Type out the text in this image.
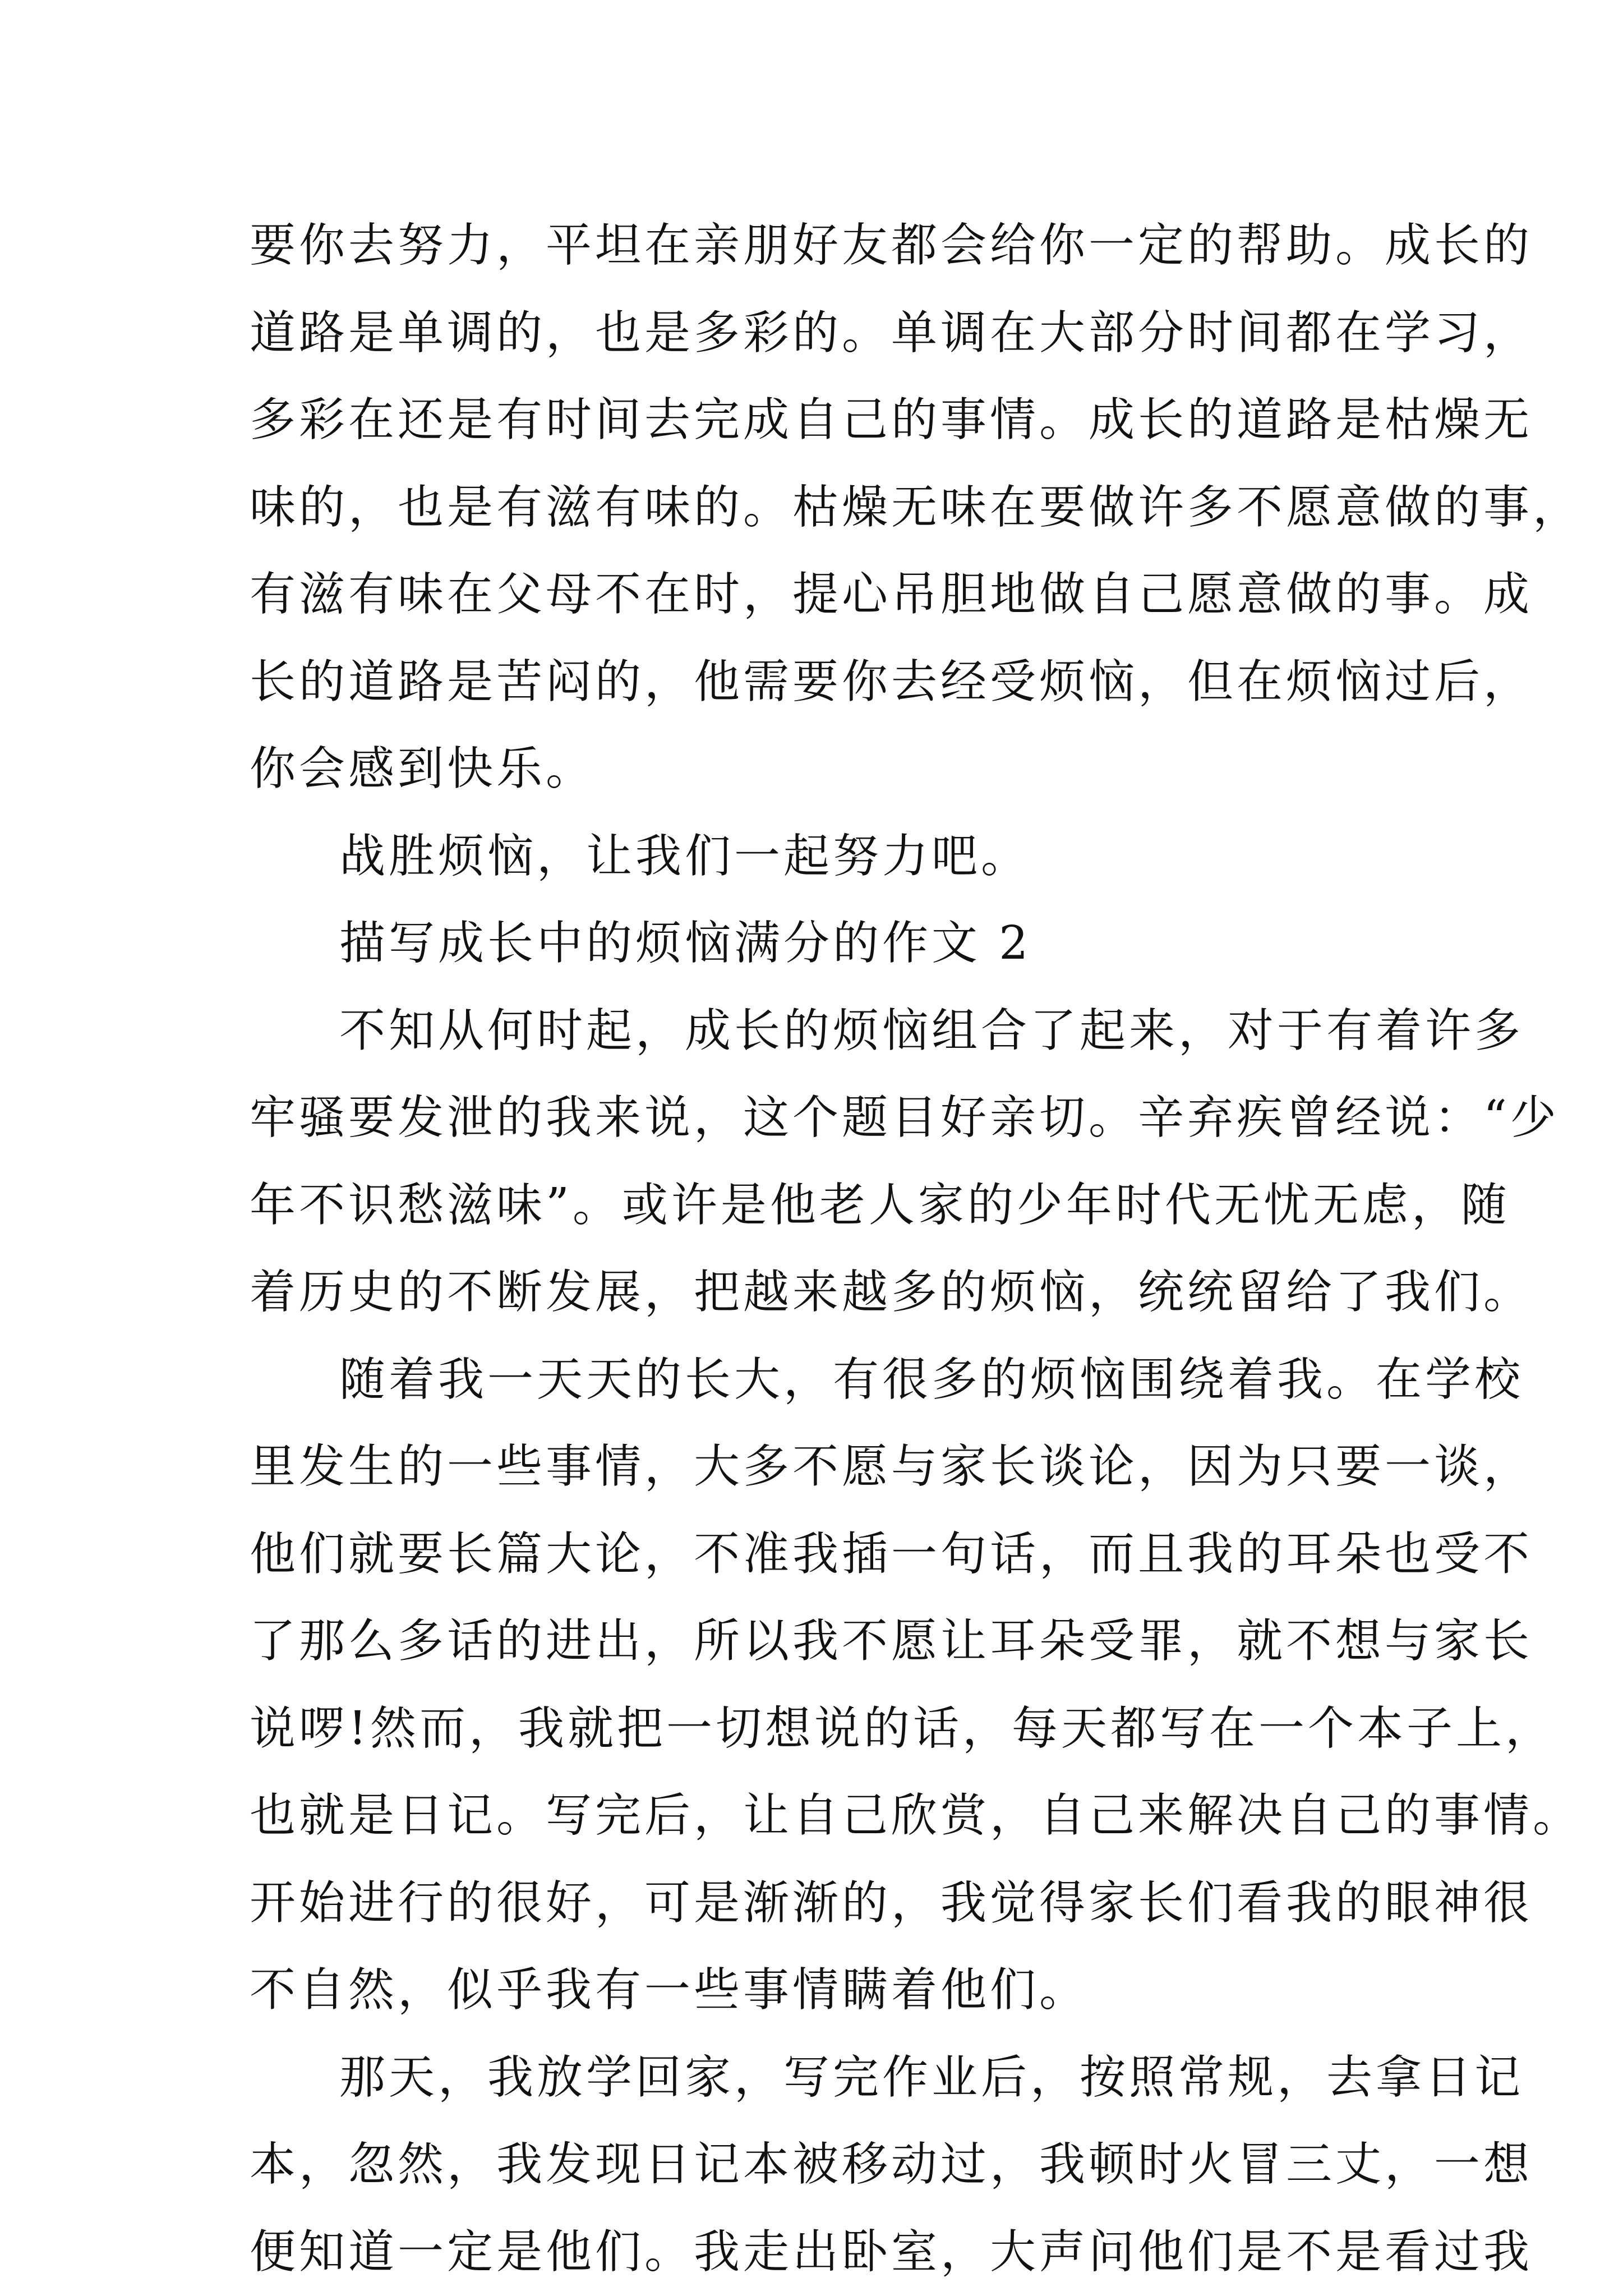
要你去努力，平坦在亲朋好友都会给你一定的帮助。成长的
道路是单调的，也是多彩的。单调在大部分时间都在学习，
多彩在还是有时间去完成自己的事情。成长的道路是枯燥无
味的，也是有滋有味的。枯燥无味在要做许多不愿意做的事，
有滋有味在父母不在时，提心吊胆地做自己愿意做的事。成
长的道路是苦闷的，他需要你去经受烦恼，但在烦恼过后，
你会感到快乐。
战胜烦恼，让我们一起努力吧。
描写成长中的烦恼满分的作文 2
不知从何时起，成长的烦恼组合了起来，对于有着许多
牢骚要发泄的我来说，这个题目好亲切。辛弃疾曾经说：“少
年不识愁滋味”。或许是他老人家的少年时代无忧无虑，随
着历史的不断发展，把越来越多的烦恼，统统留给了我们。
随着我一天天的长大，有很多的烦恼围绕着我。在学校
里发生的一些事情，大多不愿与家长谈论，因为只要一谈，
他们就要长篇大论，不准我插一句话，而且我的耳朵也受不
了那么多话的进出，所以我不愿让耳朵受罪，就不想与家长
说啰!然而，我就把一切想说的话，每天都写在一个本子上，
也就是日记。写完后，让自己欣赏，自己来解决自己的事情。
开始进行的很好，可是渐渐的，我觉得家长们看我的眼神很
不自然，似乎我有一些事情瞒着他们。
那天，我放学回家，写完作业后，按照常规，去拿日记
本，忽然，我发现日记本被移动过，我顿时火冒三丈，一想
便知道一定是他们。我走出卧室，大声问他们是不是看过我
